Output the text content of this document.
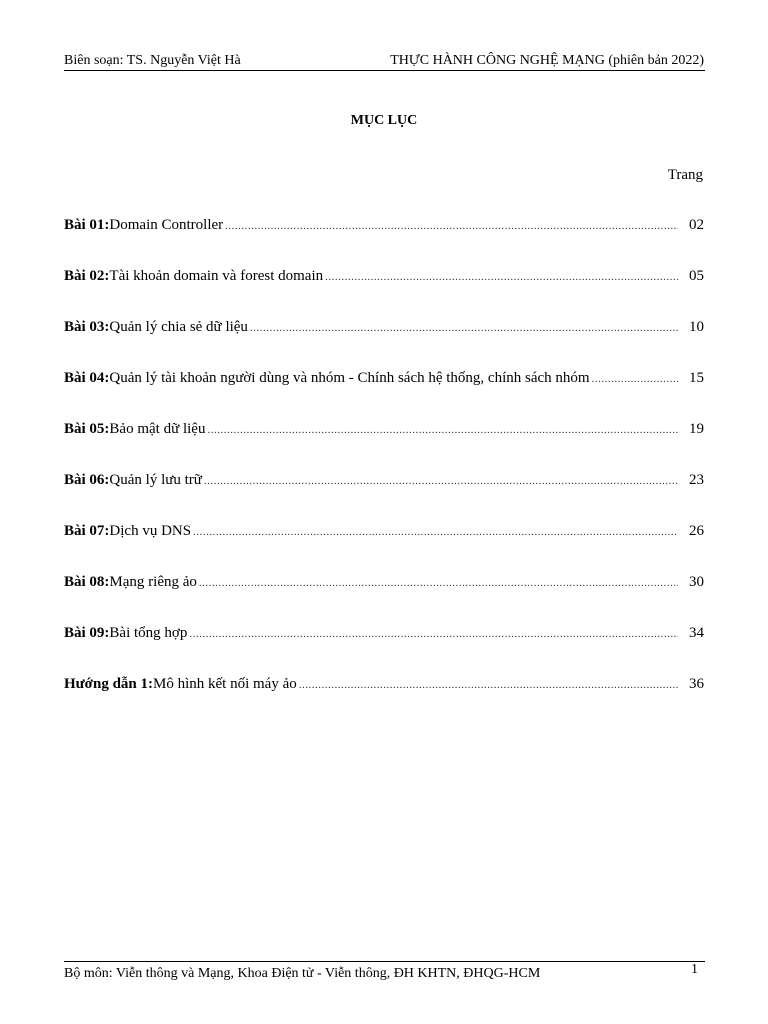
Biên soạn: TS. Nguyễn Việt Hà	THỰC HÀNH CÔNG NGHỆ MẠNG (phiên bản 2022)
MỤC LỤC
Trang
Bài 01: Domain Controller .....	02
Bài 02: Tài khoản domain và forest domain .....	05
Bài 03: Quản lý chia sẻ dữ liệu .....	10
Bài 04: Quản lý tài khoản người dùng và nhóm - Chính sách hệ thống, chính sách nhóm .....	15
Bài 05: Bảo mật dữ liệu .....	19
Bài 06: Quản lý lưu trữ .....	23
Bài 07: Dịch vụ DNS .....	26
Bài 08: Mạng riêng ảo .....	30
Bài 09: Bài tổng hợp .....	34
Hướng dẫn 1: Mô hình kết nối máy ảo .....	36
Bộ môn: Viễn thông và Mạng, Khoa Điện tử - Viễn thông, ĐH KHTN, ĐHQG-HCM	1
